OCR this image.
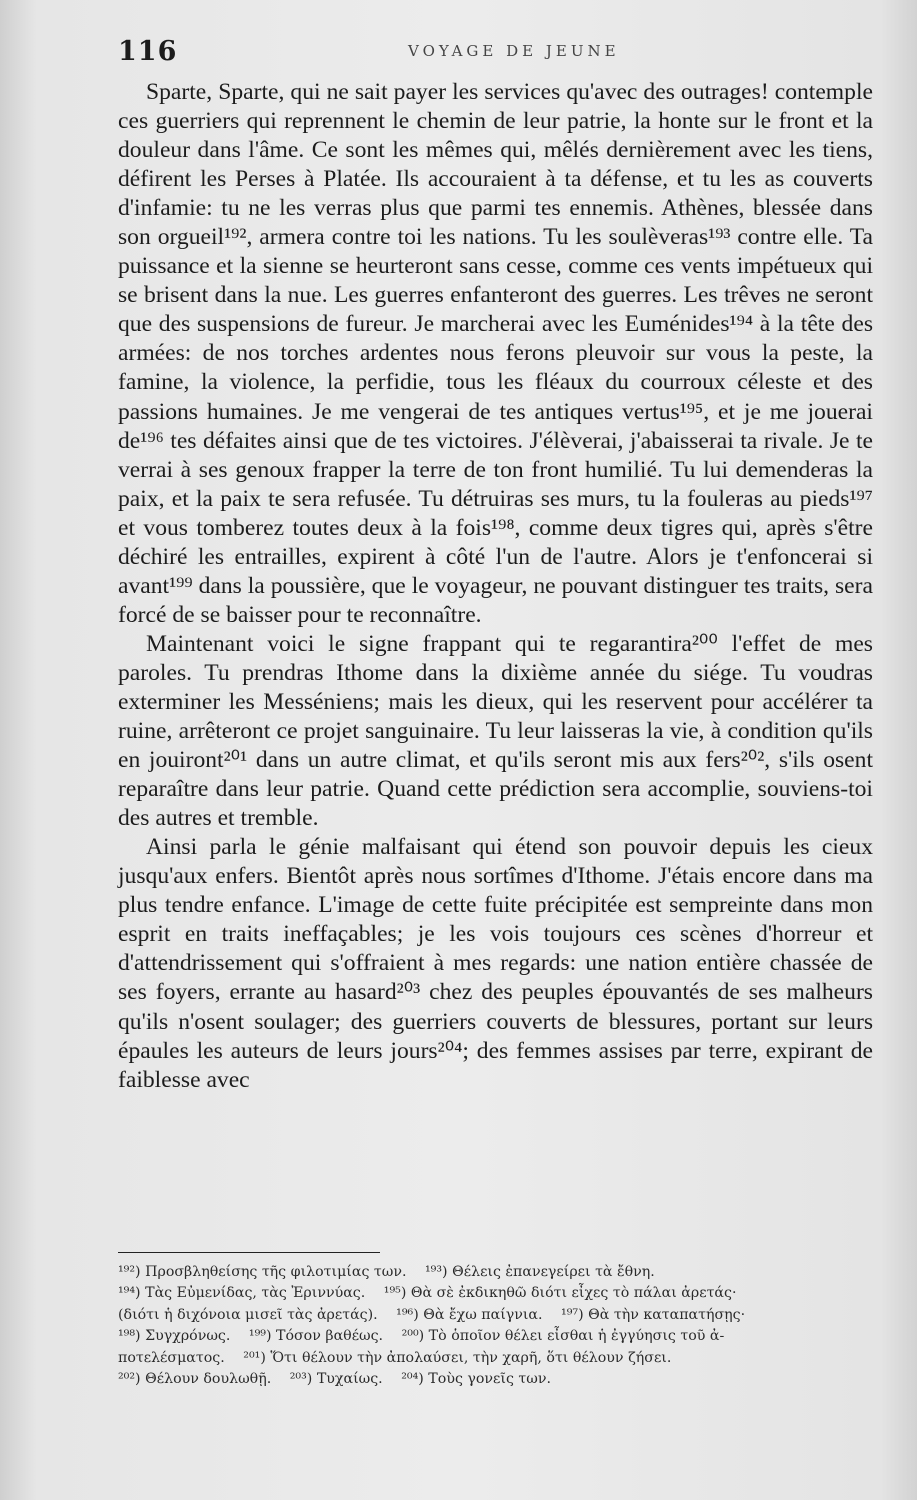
116	VOYAGE DE JEUNE

Sparte, Sparte, qui ne sait payer les services qu'avec des outrages! contemple ces guerriers qui reprennent le chemin de leur patrie, la honte sur le front et la douleur dans l'âme. Ce sont les mêmes qui, mêlés dernièrement avec les tiens, défirent les Perses à Platée. Ils accouraient à ta défense, et tu les as couverts d'infamie: tu ne les verras plus que parmi tes ennemis. Athènes, blessée dans son orgueil¹⁹², armera contre toi les nations. Tu les soulèveras¹⁹³ contre elle. Ta puissance et la sienne se heurteront sans cesse, comme ces vents impétueux qui se brisent dans la nue. Les guerres enfanteront des guerres. Les trêves ne seront que des suspensions de fureur. Je marcherai avec les Euménides¹⁹⁴ à la tête des armées: de nos torches ardentes nous ferons pleuvoir sur vous la peste, la famine, la violence, la perfidie, tous les fléaux du courroux céleste et des passions humaines. Je me vengerai de tes antiques vertus¹⁹⁵, et je me jouerai de¹⁹⁶ tes défaites ainsi que de tes victoires. J'élèverai, j'abaisserai ta rivale. Je te verrai à ses genoux frapper la terre de ton front humilié. Tu lui demenderas la paix, et la paix te sera refusée. Tu détruiras ses murs, tu la fouleras au pieds¹⁹⁷ et vous tomberez toutes deux à la fois¹⁹⁸, comme deux tigres qui, après s'être déchiré les entrailles, expirent à côté l'un de l'autre. Alors je t'enfoncerai si avant¹⁹⁹ dans la poussière, que le voyageur, ne pouvant distinguer tes traits, sera forcé de se baisser pour te reconnaître.

Maintenant voici le signe frappant qui te regarantira²⁰⁰ l'effet de mes paroles. Tu prendras Ithome dans la dixième année du siége. Tu voudras exterminer les Messéniens; mais les dieux, qui les reservent pour accélérer ta ruine, arrêteront ce projet sanguinaire. Tu leur laisseras la vie, à condition qu'ils en jouiront²⁰¹ dans un autre climat, et qu'ils seront mis aux fers²⁰², s'ils osent reparaître dans leur patrie. Quand cette prédiction sera accomplie, souviens-toi des autres et tremble.

Ainsi parla le génie malfaisant qui étend son pouvoir depuis les cieux jusqu'aux enfers. Bientôt après nous sortîmes d'Ithome. J'étais encore dans ma plus tendre enfance. L'image de cette fuite précipitée est sempreinte dans mon esprit en traits ineffaçables; je les vois toujours ces scènes d'horreur et d'attendrissement qui s'offraient à mes regards: une nation entière chassée de ses foyers, errante au hasard²⁰³ chez des peuples épouvantés de ses malheurs qu'ils n'osent soulager; des guerriers couverts de blessures, portant sur leurs épaules les auteurs de leurs jours²⁰⁴; des femmes assises par terre, expirant de faiblesse avec

¹⁹²) Προσβληθείσης τῆς φιλοτιμίας των. ¹⁹³) Θέλεις ἐπανεγείρει τὰ ἔθνη.
¹⁹⁴) Τὰς Εὐμενίδας, τὰς Ἐριννύας. ¹⁹⁵) Θὰ σὲ ἐκδικηθῶ διότι εἶχες τὸ πάλαι ἀρετάς·
(διότι ἡ διχόνοια μισεῖ τὰς ἀρετάς). ¹⁹⁶) Θὰ ἔχω παίγνια. ¹⁹⁷) Θὰ τὴν καταπατήσῃς·
¹⁹⁸) Συγχρόνως. ¹⁹⁹) Τόσον βαθέως. ²⁰⁰) Τὸ ὁποῖον θέλει εἶσθαι ἡ ἐγγύησις τοῦ ἀ-
ποτελέσματος. ²⁰¹) Ὅτι θέλουν τὴν ἀπολαύσει, τὴν χαρῆ, ὅτι θέλουν ζήσει.
²⁰²) Θέλουν δουλωθῇ. ²⁰³) Τυχαίως. ²⁰⁴) Τοὺς γονεῖς των.
